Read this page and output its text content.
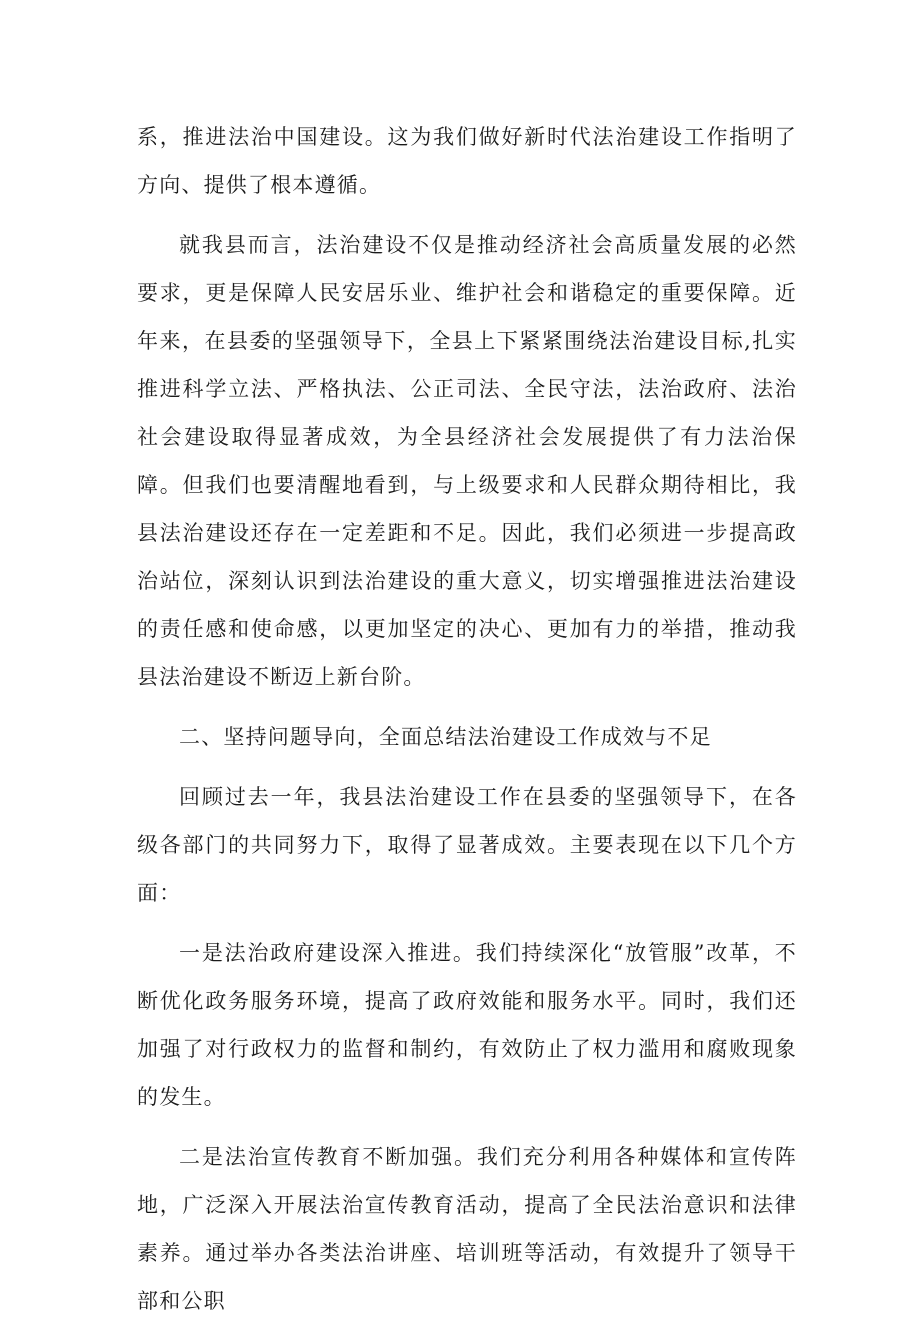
系，推进法治中国建设。这为我们做好新时代法治建设工作指明了方向、提供了根本遵循。

就我县而言，法治建设不仅是推动经济社会高质量发展的必然要求，更是保障人民安居乐业、维护社会和谐稳定的重要保障。近年来，在县委的坚强领导下，全县上下紧紧围绕法治建设目标,扎实推进科学立法、严格执法、公正司法、全民守法，法治政府、法治社会建设取得显著成效，为全县经济社会发展提供了有力法治保障。但我们也要清醒地看到，与上级要求和人民群众期待相比，我县法治建设还存在一定差距和不足。因此，我们必须进一步提高政治站位，深刻认识到法治建设的重大意义，切实增强推进法治建设的责任感和使命感，以更加坚定的决心、更加有力的举措，推动我县法治建设不断迈上新台阶。

二、坚持问题导向，全面总结法治建设工作成效与不足

回顾过去一年，我县法治建设工作在县委的坚强领导下，在各级各部门的共同努力下，取得了显著成效。主要表现在以下几个方面：

一是法治政府建设深入推进。我们持续深化“放管服”改革，不断优化政务服务环境，提高了政府效能和服务水平。同时，我们还加强了对行政权力的监督和制约，有效防止了权力滥用和腐败现象的发生。

二是法治宣传教育不断加强。我们充分利用各种媒体和宣传阵地，广泛深入开展法治宣传教育活动，提高了全民法治意识和法律素养。通过举办各类法治讲座、培训班等活动，有效提升了领导干部和公职
